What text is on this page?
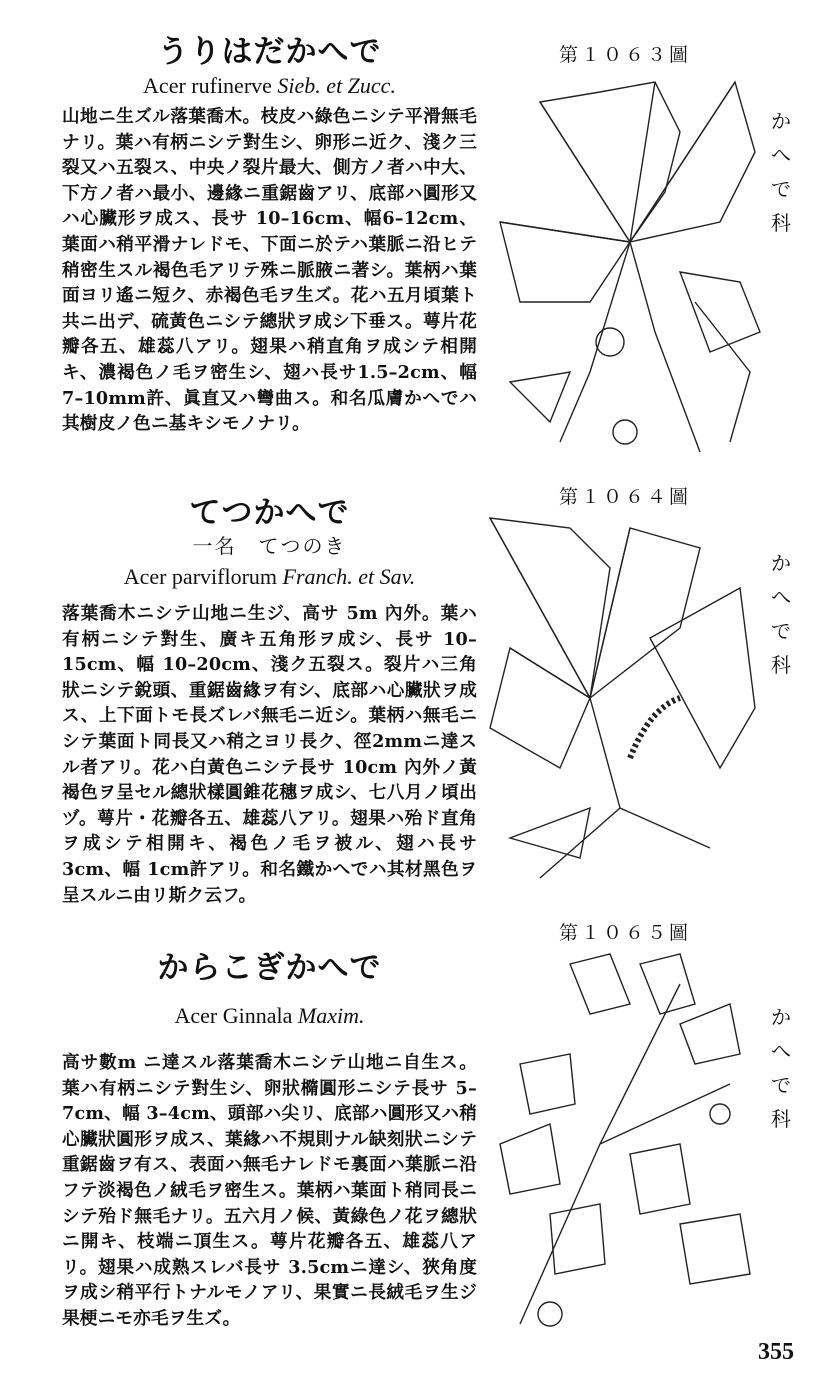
うりはだかへで
Acer rufinerve Sieb. et Zucc.
山地ニ生ズル落葉喬木。枝皮ハ綠色ニシテ平滑無毛ナリ。葉ハ有柄ニシテ對生シ、卵形ニ近ク、淺ク三裂又ハ五裂ス、中央ノ裂片最大、側方ノ者ハ中大、下方ノ者ハ最小、邊緣ニ重鋸齒アリ、底部ハ圓形又ハ心臟形ヲ成ス、長サ 10–16cm、幅6–12cm、葉面ハ稍平滑ナレドモ、下面ニ於テハ葉脈ニ沿ヒテ稍密生スル褐色毛アリテ殊ニ脈腋ニ著シ。葉柄ハ葉面ヨリ遙ニ短ク、赤褐色毛ヲ生ズ。花ハ五月頃葉ト共ニ出デ、硫黃色ニシテ總狀ヲ成シ下垂ス。萼片花瓣各五、雄蕊八アリ。翅果ハ稍直角ヲ成シテ相開キ、濃褐色ノ毛ヲ密生シ、翅ハ長サ1.5–2cm、幅 7–10mm許、眞直又ハ彎曲ス。和名瓜膚かへでハ其樹皮ノ色ニ基キシモノナリ。
第１０６３圖
かへで科
てつかへで
一名　てつのき
Acer parviflorum Franch. et Sav.
落葉喬木ニシテ山地ニ生ジ、高サ 5m 內外。葉ハ有柄ニシテ對生、廣キ五角形ヲ成シ、長サ 10–15cm、幅 10–20cm、淺ク五裂ス。裂片ハ三角狀ニシテ銳頭、重鋸齒緣ヲ有シ、底部ハ心臟狀ヲ成ス、上下面トモ長ズレバ無毛ニ近シ。葉柄ハ無毛ニシテ葉面ト同長又ハ稍之ヨリ長ク、徑2mmニ達スル者アリ。花ハ白黃色ニシテ長サ 10cm 內外ノ黃褐色ヲ呈セル總狀樣圓錐花穗ヲ成シ、七八月ノ頃出ヅ。萼片・花瓣各五、雄蕊八アリ。翅果ハ殆ド直角ヲ成シテ相開キ、褐色ノ毛ヲ被ル、翅ハ長サ 3cm、幅 1cm許アリ。和名鐵かへでハ其材黑色ヲ呈スルニ由リ斯ク云フ。
第１０６４圖
かへで科
からこぎかへで
Acer Ginnala Maxim.
高サ數m ニ達スル落葉喬木ニシテ山地ニ自生ス。葉ハ有柄ニシテ對生シ、卵狀橢圓形ニシテ長サ 5–7cm、幅 3–4cm、頭部ハ尖リ、底部ハ圓形又ハ稍心臟狀圓形ヲ成ス、葉緣ハ不規則ナル缺刻狀ニシテ重鋸齒ヲ有ス、表面ハ無毛ナレドモ裏面ハ葉脈ニ沿フテ淡褐色ノ絨毛ヲ密生ス。葉柄ハ葉面ト稍同長ニシテ殆ド無毛ナリ。五六月ノ候、黃綠色ノ花ヲ總狀ニ開キ、枝端ニ頂生ス。萼片花瓣各五、雄蕊八アリ。翅果ハ成熟スレバ長サ 3.5cmニ達シ、狹角度ヲ成シ稍平行トナルモノアリ、果實ニ長絨毛ヲ生ジ果梗ニモ亦毛ヲ生ズ。
第１０６５圖
かへで科
355
